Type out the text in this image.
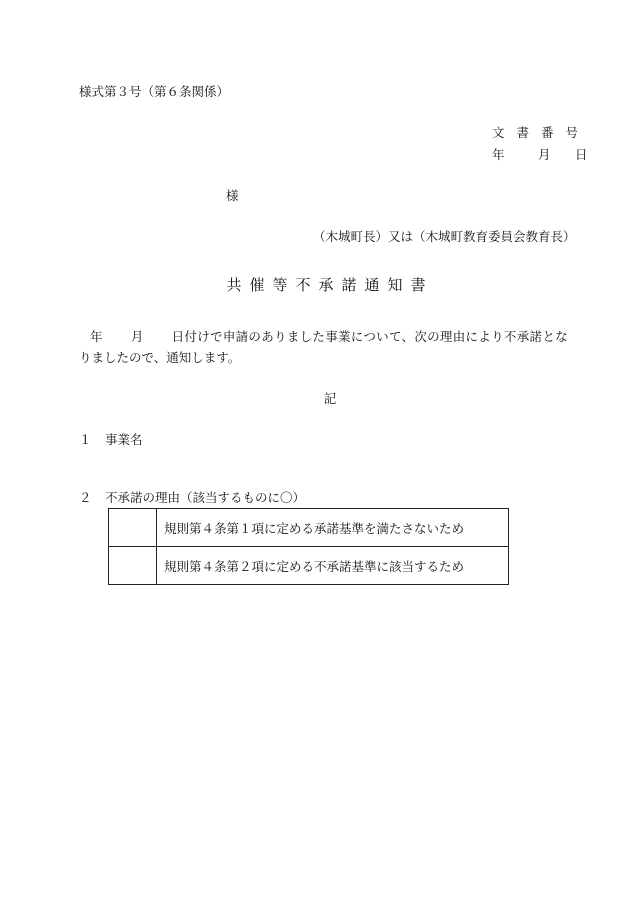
様式第３号（第６条関係）
文書番号
年	月 日
様
（木城町長）又は（木城町教育委員会教育長）
共催等不承諾通知書
年 月 日付けで申請のありました事業について、次の理由により不承諾とな
りましたので、通知します。
記
１ 事業名
２ 不承諾の理由（該当するものに〇）
	規則第４条第１項に定める承諾基準を満たさないため
	規則第４条第２項に定める不承諾基準に該当するため
